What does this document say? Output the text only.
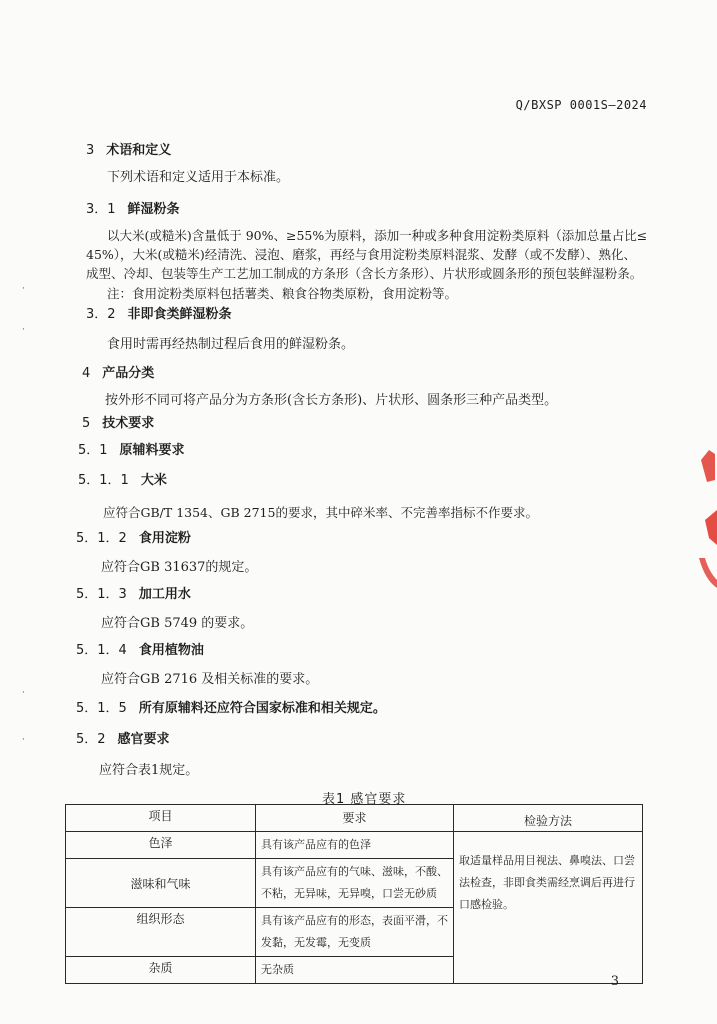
Q/BXSP 0001S—2024
3 术语和定义
下列术语和定义适用于本标准。
3．1 鲜湿粉条
以大米(或糙米)含量低于 90%、≥55%为原料，添加一种或多种食用淀粉类原料（添加总量占比≤
45%），大米(或糙米)经清洗、浸泡、磨浆，再经与食用淀粉类原料混浆、发酵（或不发酵）、熟化、
成型、冷却、包装等生产工艺加工制成的方条形（含长方条形）、片状形或圆条形的预包装鲜湿粉条。
注：食用淀粉类原料包括薯类、粮食谷物类原粉，食用淀粉等。
3．2 非即食类鲜湿粉条
食用时需再经热制过程后食用的鲜湿粉条。
4 产品分类
按外形不同可将产品分为方条形(含长方条形)、片状形、圆条形三种产品类型。
5 技术要求
5．1 原辅料要求
5．1．1 大米
应符合GB/T 1354、GB 2715的要求，其中碎米率、不完善率指标不作要求。
5．1．2 食用淀粉
应符合GB 31637的规定。
5．1．3 加工用水
应符合GB 5749 的要求。
5．1．4 食用植物油
应符合GB 2716 及相关标准的要求。
5．1．5 所有原辅料还应符合国家标准和相关规定。
5．2 感官要求
应符合表1规定。
表1 感官要求
项目	要求	检验方法
色泽	具有该产品应有的色泽	取适量样品用目视法、鼻嗅法、口尝法检查，非即食类需经烹调后再进行口感检验。
滋味和气味	具有该产品应有的气味、滋味，不酸、不粘，无异味，无异嗅，口尝无砂质	
组织形态	具有该产品应有的形态，表面平滑，不发黏，无发霉，无变质	
杂质	无杂质	
3
·
·
·
·
